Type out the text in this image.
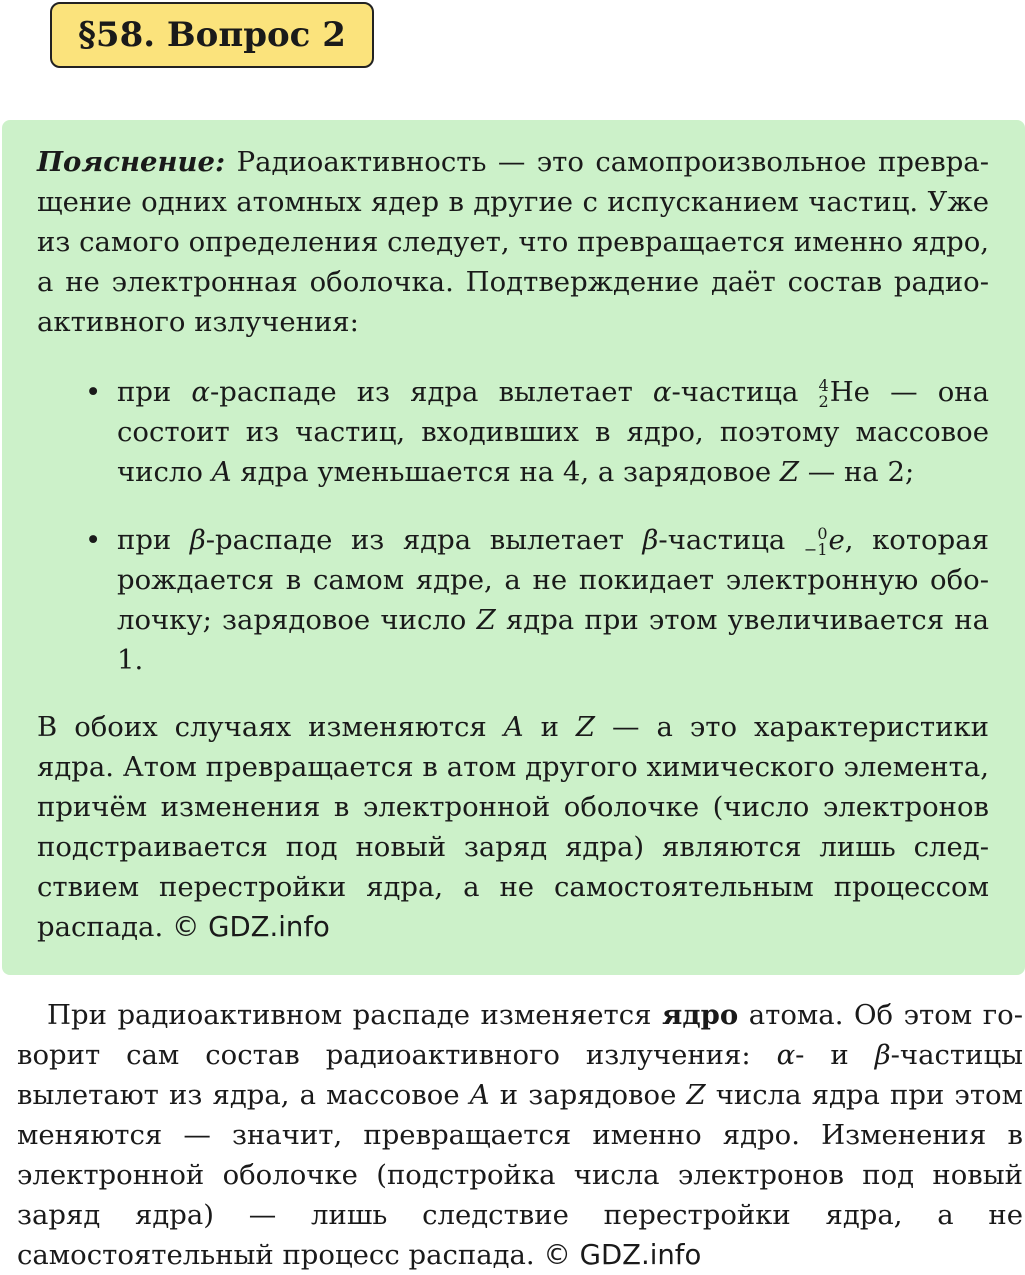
§58. Вопрос 2

Пояснение: Радиоактивность — это самопроизвольное превращение одних атомных ядер в другие с испусканием частиц. Уже из самого определения следует, что превращается именно ядро, а не электронная оболочка. Подтверждение даёт состав радиоактивного излучения:

• при α-распаде из ядра вылетает α-частица 4
2 He — она состоит из частиц, входивших в ядро, поэтому массовое число A ядра уменьшается на 4, а зарядовое Z — на 2;
• при β-распаде из ядра вылетает β-частица 0
−1 e, которая рождается в самом ядре, а не покидает электронную оболочку; зарядовое число Z ядра при этом увеличивается на 1.

В обоих случаях изменяются A и Z — а это характеристики ядра. Атом превращается в атом другого химического элемента, причём изменения в электронной оболочке (число электронов подстраивается под новый заряд ядра) являются лишь следствием перестройки ядра, а не самостоятельным процессом распада. © GDZ.info

При радиоактивном распаде изменяется ядро атома. Об этом говорит сам состав радиоактивного излучения: α- и β-частицы вылетают из ядра, а массовое A и зарядовое Z числа ядра при этом меняются — значит, превращается именно ядро. Изменения в электронной оболочке (подстройка числа электронов под новый заряд ядра) — лишь следствие перестройки ядра, а не самостоятельный процесс распада. © GDZ.info
